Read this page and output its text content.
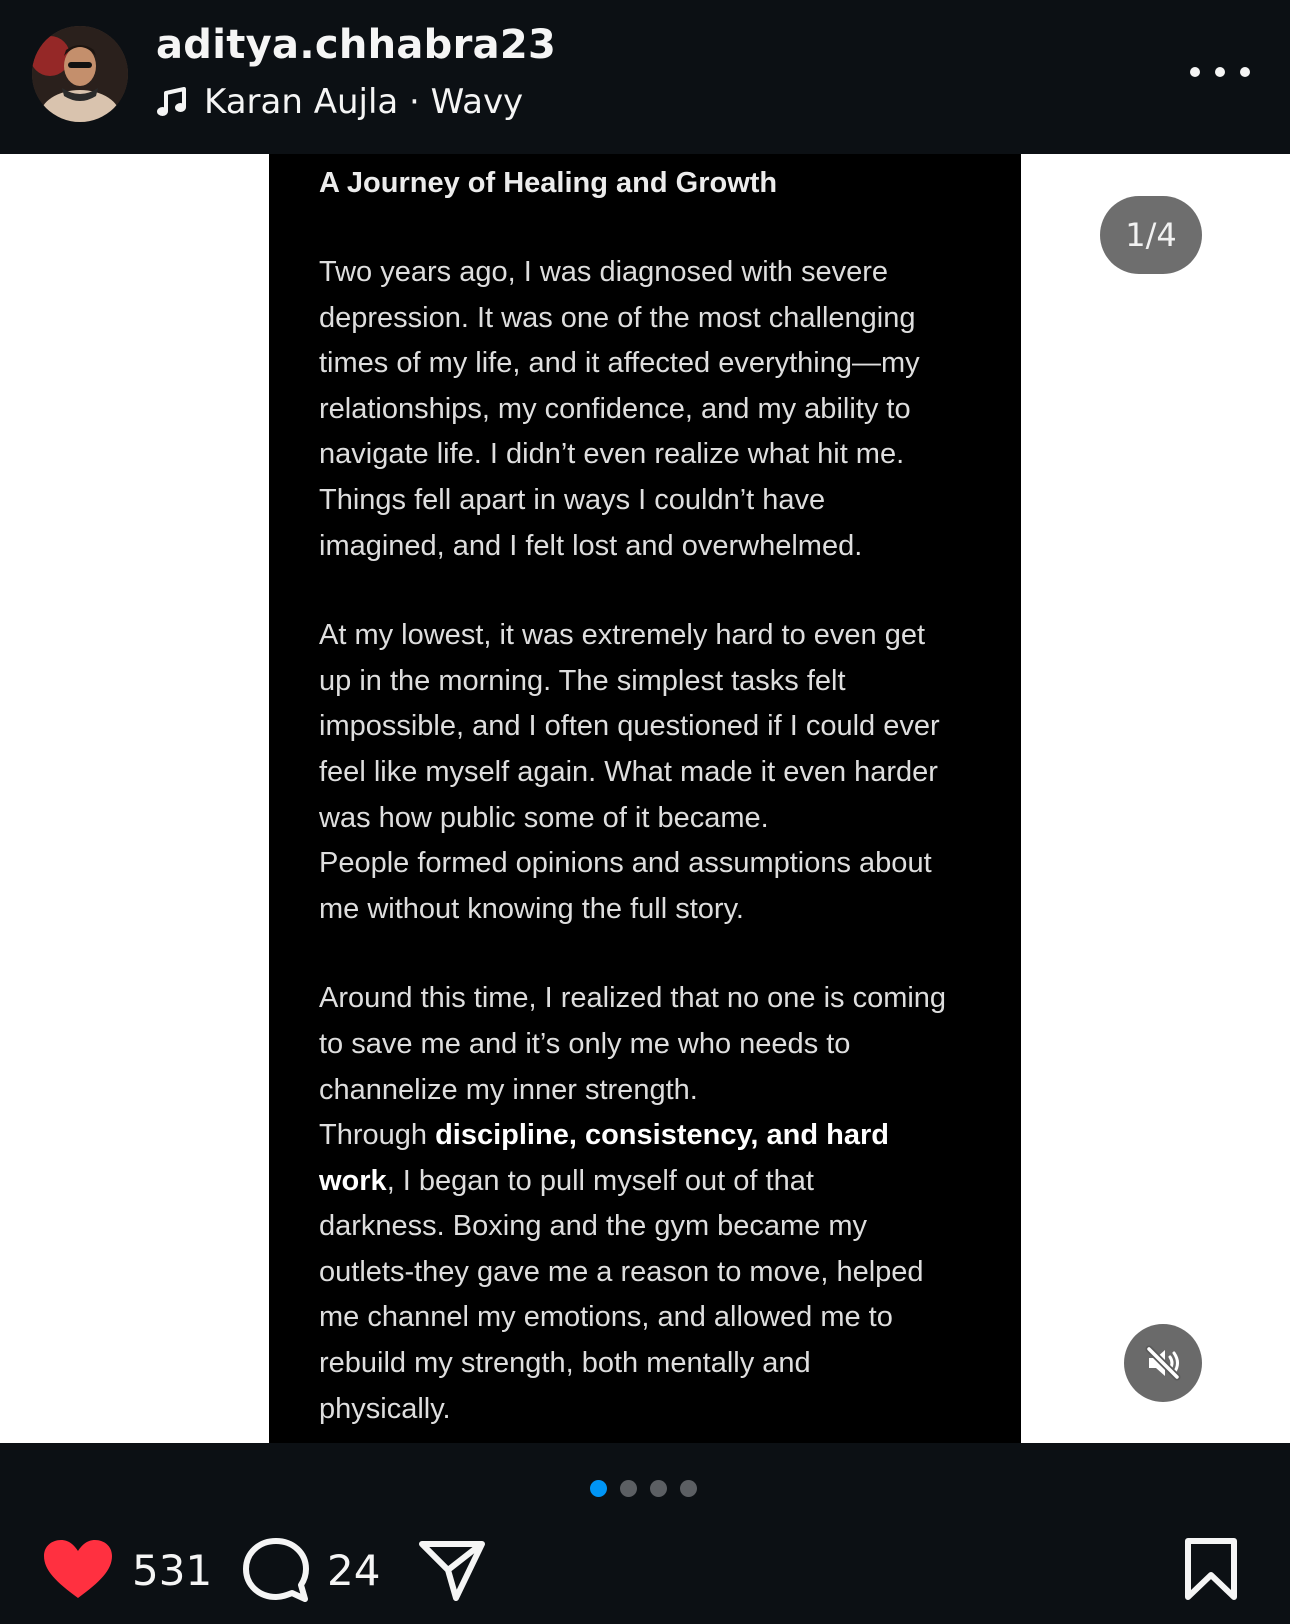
aditya.chhabra23
Karan Aujla · Wavy

A Journey of Healing and Growth

Two years ago, I was diagnosed with severe
depression. It was one of the most challenging
times of my life, and it affected everything—my
relationships, my confidence, and my ability to
navigate life. I didn’t even realize what hit me.
Things fell apart in ways I couldn’t have
imagined, and I felt lost and overwhelmed.

At my lowest, it was extremely hard to even get
up in the morning. The simplest tasks felt
impossible, and I often questioned if I could ever
feel like myself again. What made it even harder
was how public some of it became.
People formed opinions and assumptions about
me without knowing the full story.

Around this time, I realized that no one is coming
to save me and it’s only me who needs to
channelize my inner strength.
Through discipline, consistency, and hard
work, I began to pull myself out of that
darkness. Boxing and the gym became my
outlets-they gave me a reason to move, helped
me channel my emotions, and allowed me to
rebuild my strength, both mentally and
physically.

1/4
531	24
